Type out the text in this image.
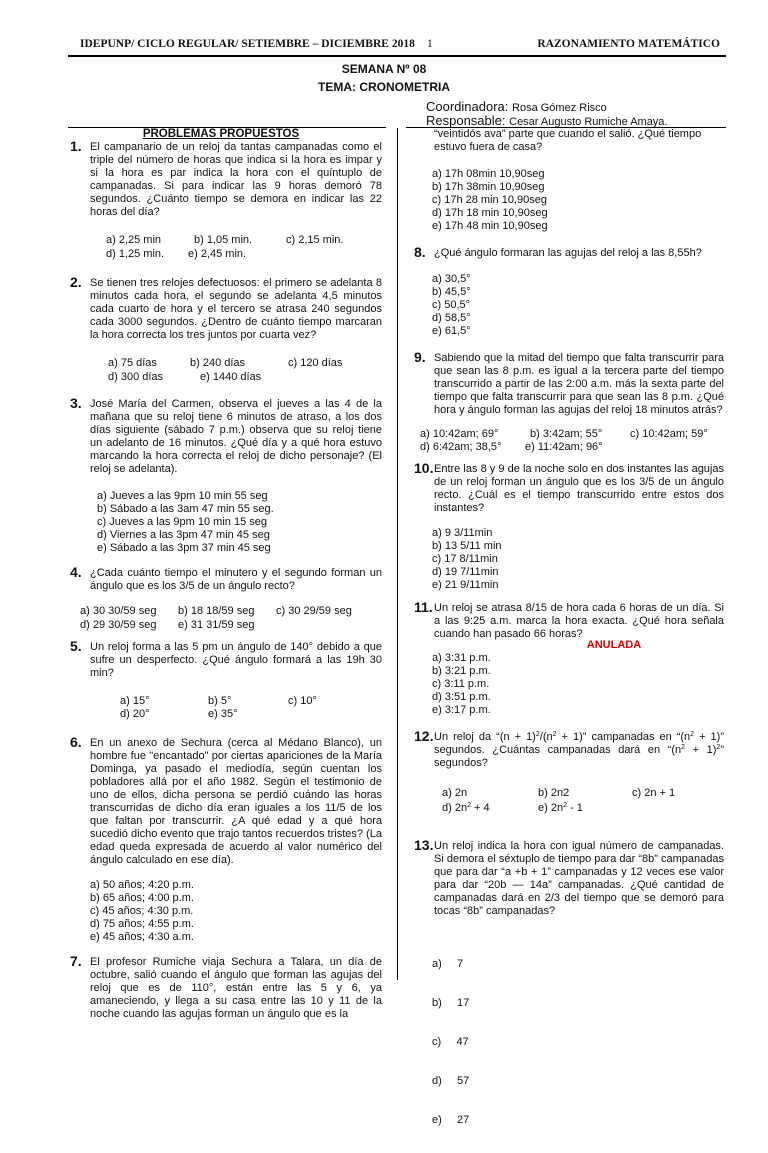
IDEPUNP/ CICLO REGULAR/ SETIEMBRE – DICIEMBRE 2018 1	RAZONAMIENTO MATEMÁTICO
SEMANA Nº 08
TEMA: CRONOMETRIA
Coordinadora: Rosa Gómez Risco
Responsable: Cesar Augusto Rumiche Amaya.
PROBLEMAS PROPUESTOS
1. El campanario de un reloj da tantas campanadas como el triple del número de horas que indica si la hora es impar y si la hora es par indica la hora con el quíntuplo de campanadas. Si para indicar las 9 horas demoró 78 segundos. ¿Cuánto tiempo se demora en indicar las 22 horas del día?
a) 2,25 min	b) 1,05 min.	c) 2,15 min.
d) 1,25 min.	e) 2,45 min.
2. Se tienen tres relojes defectuosos: el primero se adelanta 8 minutos cada hora, el segundo se adelanta 4,5 minutos cada cuarto de hora y el tercero se atrasa 240 segundos cada 3000 segundos. ¿Dentro de cuánto tiempo marcaran la hora correcta los tres juntos por cuarta vez?
a) 75 días	b) 240 días	c) 120 días
d) 300 días	e) 1440 días
3. José María del Carmen, observa el jueves a las 4 de la mañana que su reloj tiene 6 minutos de atraso, a los dos días siguiente (sábado 7 p.m.) observa que su reloj tiene un adelanto de 16 minutos. ¿Qué día y a qué hora estuvo marcando la hora correcta el reloj de dicho personaje? (El reloj se adelanta).
a) Jueves a las 9pm 10 min 55 seg
b) Sábado a las 3am 47 min 55 seg.
c) Jueves a las 9pm 10 min 15 seg
d) Viernes a las 3pm 47 min 45 seg
e) Sábado a las 3pm 37 min 45 seg
4. ¿Cada cuánto tiempo el minutero y el segundo forman un ángulo que es los 3/5 de un ángulo recto?
a) 30 30/59 seg	b) 18 18/59 seg	c) 30 29/59 seg
d) 29 30/59 seg	e) 31 31/59 seg
5. Un reloj forma a las 5 pm un ángulo de 140° debido a que sufre un desperfecto. ¿Qué ángulo formará a las 19h 30 min?
a) 15°	b) 5°	c) 10°
d) 20°	e) 35°
6. En un anexo de Sechura (cerca al Médano Blanco), un hombre fue "encantado" por ciertas apariciones de la María Dominga, ya pasado el mediodía, según cuentan los pobladores allá por el año 1982. Según el testimonio de uno de ellos, dicha persona se perdió cuándo las horas transcurridas de dicho día eran iguales a los 11/5 de los que faltan por transcurrir. ¿A qué edad y a qué hora sucedió dicho evento que trajo tantos recuerdos tristes? (La edad queda expresada de acuerdo al valor numérico del ángulo calculado en ese día).
a) 50 años; 4:20 p.m.
b) 65 años; 4:00 p.m.
c) 45 años; 4:30 p.m.
d) 75 años; 4:55 p.m.
e) 45 años; 4:30 a.m.
7. El profesor Rumiche viaja Sechura a Talara, un día de octubre, salió cuando el ángulo que forman las agujas del reloj que es de 110°, están entre las 5 y 6, ya amaneciendo, y llega a su casa entre las 10 y 11 de la noche cuando las agujas forman un ángulo que es la
“veintidós ava” parte que cuando el salió. ¿Qué tiempo estuvo fuera de casa?
a) 17h 08min 10,90seg
b) 17h 38min 10,90seg
c) 17h 28 min 10,90seg
d) 17h 18 min 10,90seg
e) 17h 48 min 10,90seg
8. ¿Qué ángulo formaran las agujas del reloj a las 8,55h?
a) 30,5°
b) 45,5°
c) 50,5°
d) 58,5°
e) 61,5°
9. Sabiendo que la mitad del tiempo que falta transcurrir para que sean las 8 p.m. es igual a la tercera parte del tiempo transcurrido a partir de las 2:00 a.m. más la sexta parte del tiempo que falta transcurrir para que sean las 8 p.m. ¿Qué hora y ángulo forman las agujas del reloj 18 minutos atrás?
a) 10:42am; 69°	b) 3:42am; 55°	c) 10:42am; 59°
d) 6:42am; 38,5°	e) 11:42am; 96°
10. Entre las 8 y 9 de la noche solo en dos instantes las agujas de un reloj forman un ángulo que es los 3/5 de un ángulo recto. ¿Cuál es el tiempo transcurrido entre estos dos instantes?
a) 9 3/11min
b) 13 5/11 min
c) 17 8/11min
d) 19 7/11min
e) 21 9/11min
11. Un reloj se atrasa 8/15 de hora cada 6 horas de un día. Si a las 9:25 a.m. marca la hora exacta. ¿Qué hora señala cuando han pasado 66 horas?
ANULADA
a) 3:31 p.m.
b) 3:21 p.m.
c) 3:11 p.m.
d) 3:51 p.m.
e) 3:17 p.m.
12. Un reloj da “$(n + 1)^2/(n^2 + 1)$” campanadas en “$(n^2 + 1)$” segundos. ¿Cuántas campanadas dará en “$(n^2 + 1)^2$” segundos?
a) 2n	b) 2n2	c) 2n + 1
d) $2n^2 + 4$	e) $2n^2 - 1$
13. Un reloj indica la hora con igual número de campanadas. Si demora el séxtuplo de tiempo para dar “8b” campanadas que para dar “a +b + 1” campanadas y 12 veces ese valor para dar “20b — 14a” campanadas. ¿Qué cantidad de campanadas dará en 2/3 del tiempo que se demoró para tocas “8b” campanadas?

a)     7

b)     17

c)     47

d)     57

e)     27
